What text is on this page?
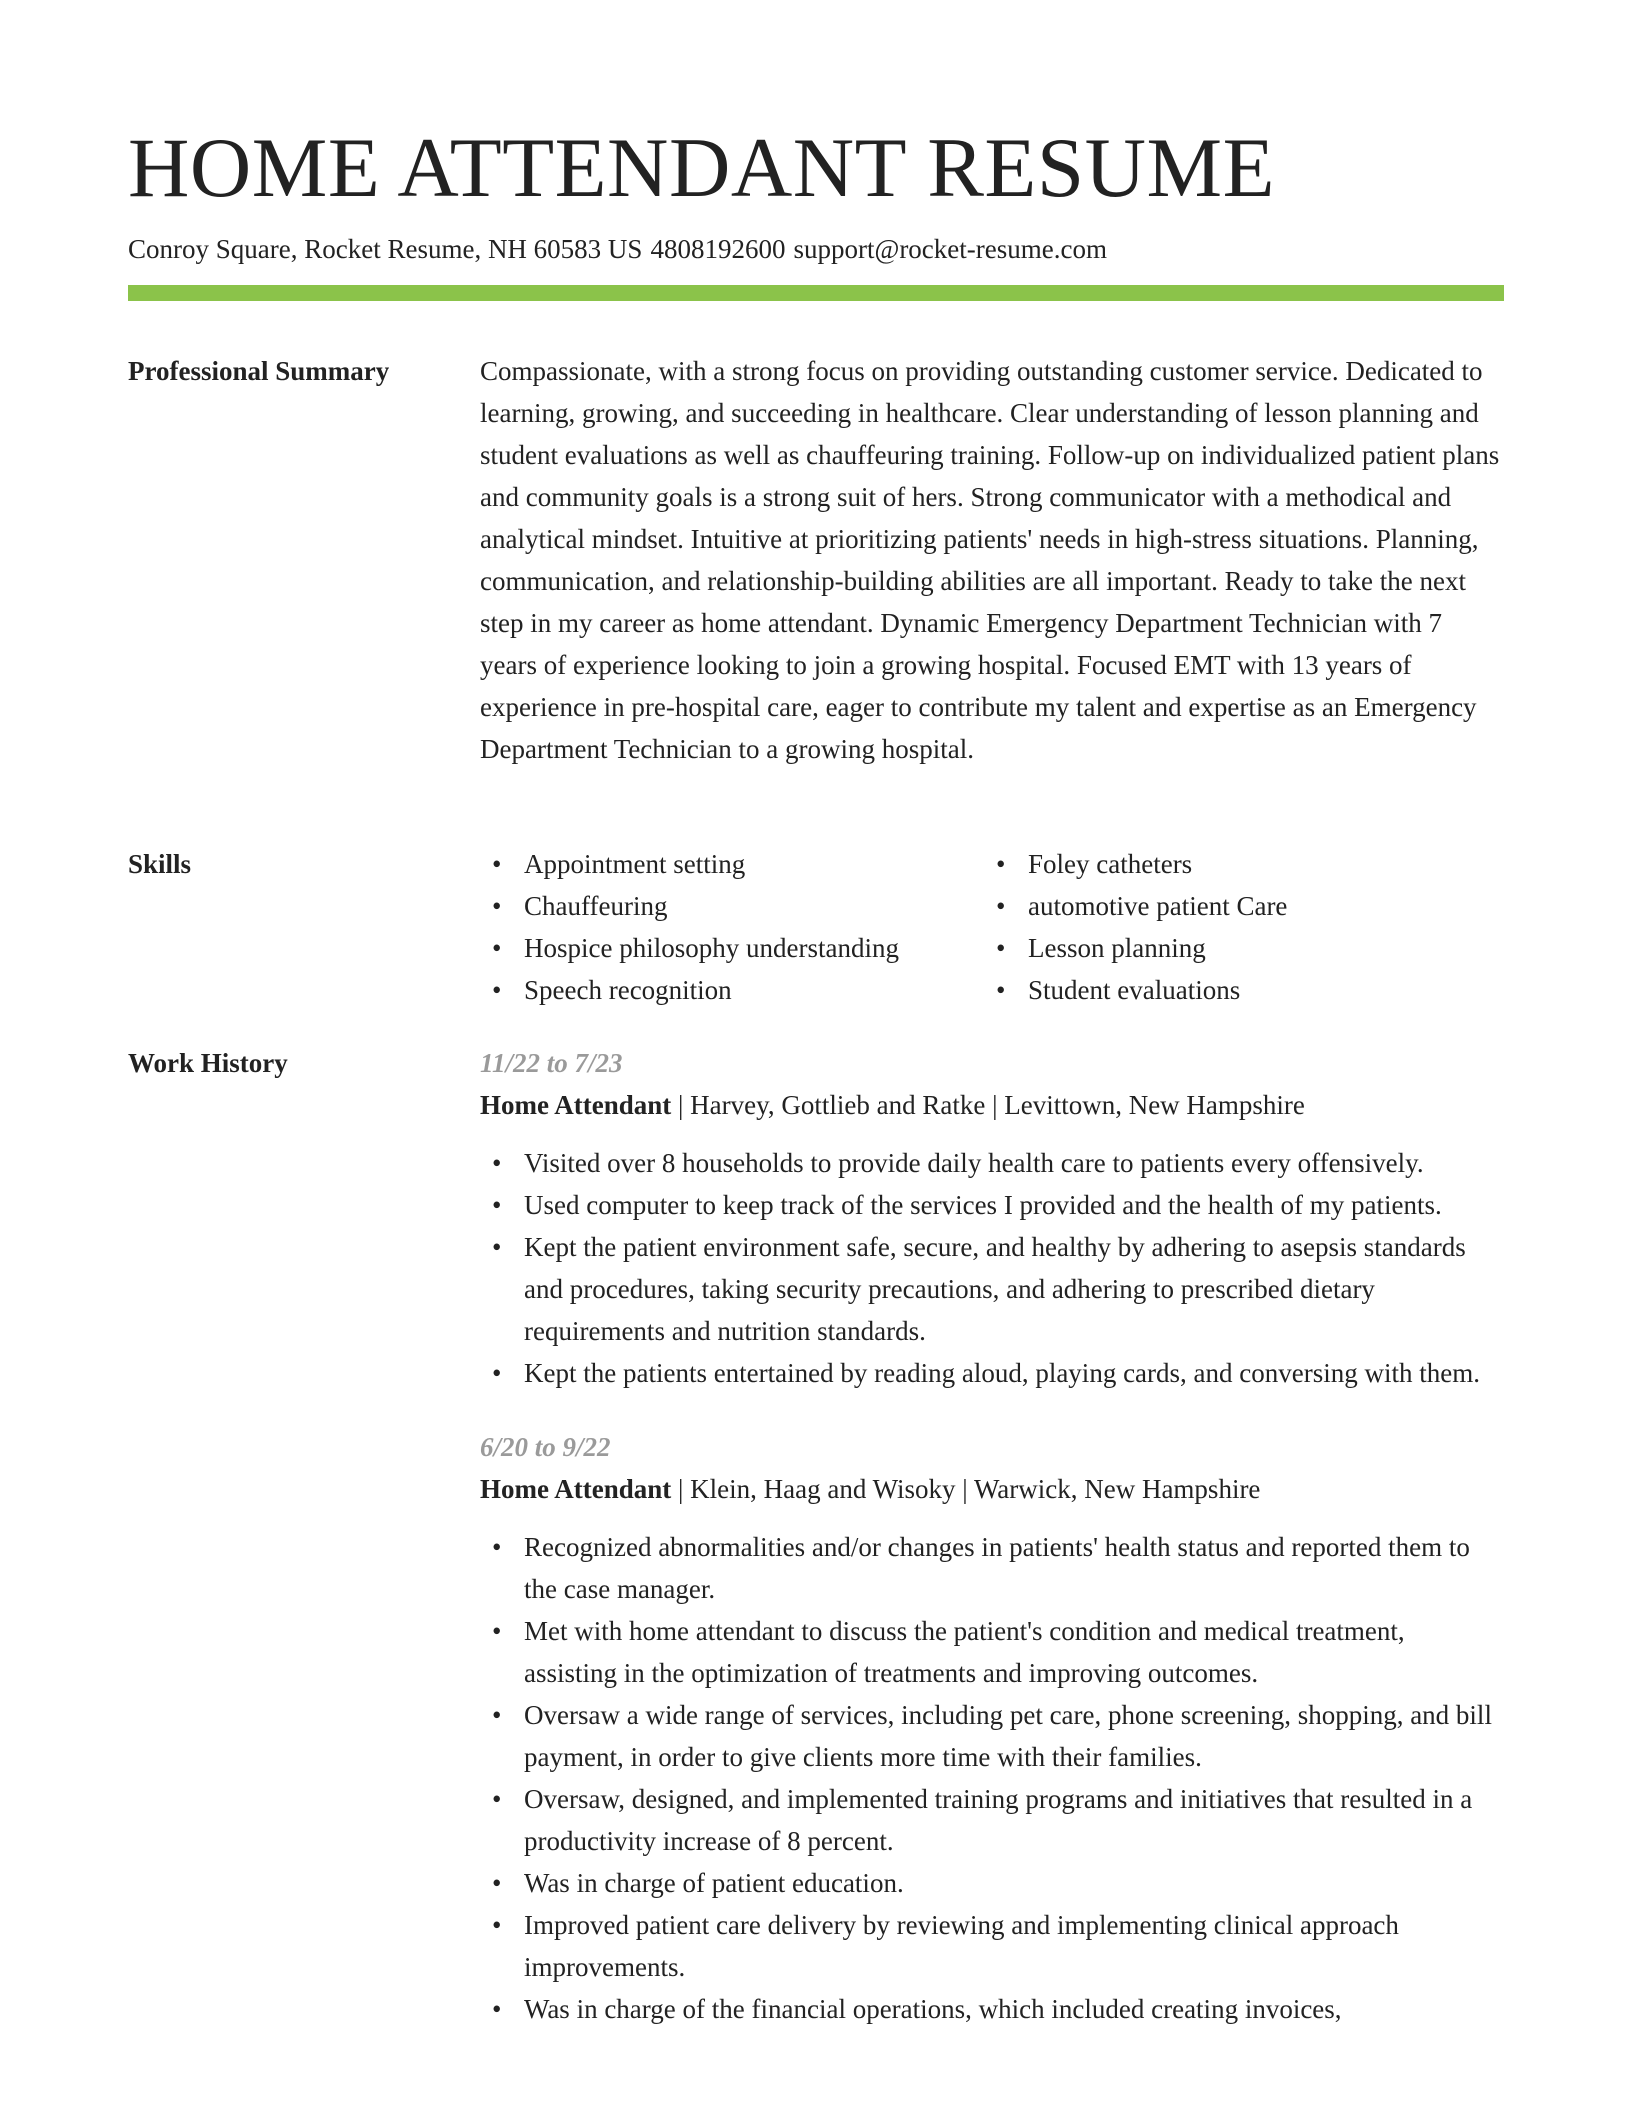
HOME ATTENDANT RESUME
Conroy Square, Rocket Resume, NH 60583 US 4808192600 support@rocket-resume.com
Professional Summary	Compassionate, with a strong focus on providing outstanding customer service. Dedicated to learning, growing, and succeeding in healthcare. Clear understanding of lesson planning and student evaluations as well as chauffeuring training. Follow-up on individualized patient plans and community goals is a strong suit of hers. Strong communicator with a methodical and analytical mindset. Intuitive at prioritizing patients' needs in high-stress situations. Planning, communication, and relationship-building abilities are all important. Ready to take the next step in my career as home attendant. Dynamic Emergency Department Technician with 7 years of experience looking to join a growing hospital. Focused EMT with 13 years of experience in pre-hospital care, eager to contribute my talent and expertise as an Emergency Department Technician to a growing hospital.

Skills
•	Appointment setting
• Chauffeuring
• Hospice philosophy understanding
• Speech recognition
• Foley catheters
• automotive patient Care
• Lesson planning
• Student evaluations
Work History	11/22 to 7/23
Home Attendant | Harvey, Gottlieb and Ratke | Levittown, New Hampshire
• Visited over 8 households to provide daily health care to patients every offensively.
• Used computer to keep track of the services I provided and the health of my patients.
• Kept the patient environment safe, secure, and healthy by adhering to asepsis standards and procedures, taking security precautions, and adhering to prescribed dietary requirements and nutrition standards.
• Kept the patients entertained by reading aloud, playing cards, and conversing with them.
6/20 to 9/22
Home Attendant | Klein, Haag and Wisoky | Warwick, New Hampshire
• Recognized abnormalities and/or changes in patients' health status and reported them to the case manager.
• Met with home attendant to discuss the patient's condition and medical treatment, assisting in the optimization of treatments and improving outcomes.
• Oversaw a wide range of services, including pet care, phone screening, shopping, and bill payment, in order to give clients more time with their families.
• Oversaw, designed, and implemented training programs and initiatives that resulted in a productivity increase of 8 percent.
• Was in charge of patient education.
• Improved patient care delivery by reviewing and implementing clinical approach improvements.
• Was in charge of the financial operations, which included creating invoices,
